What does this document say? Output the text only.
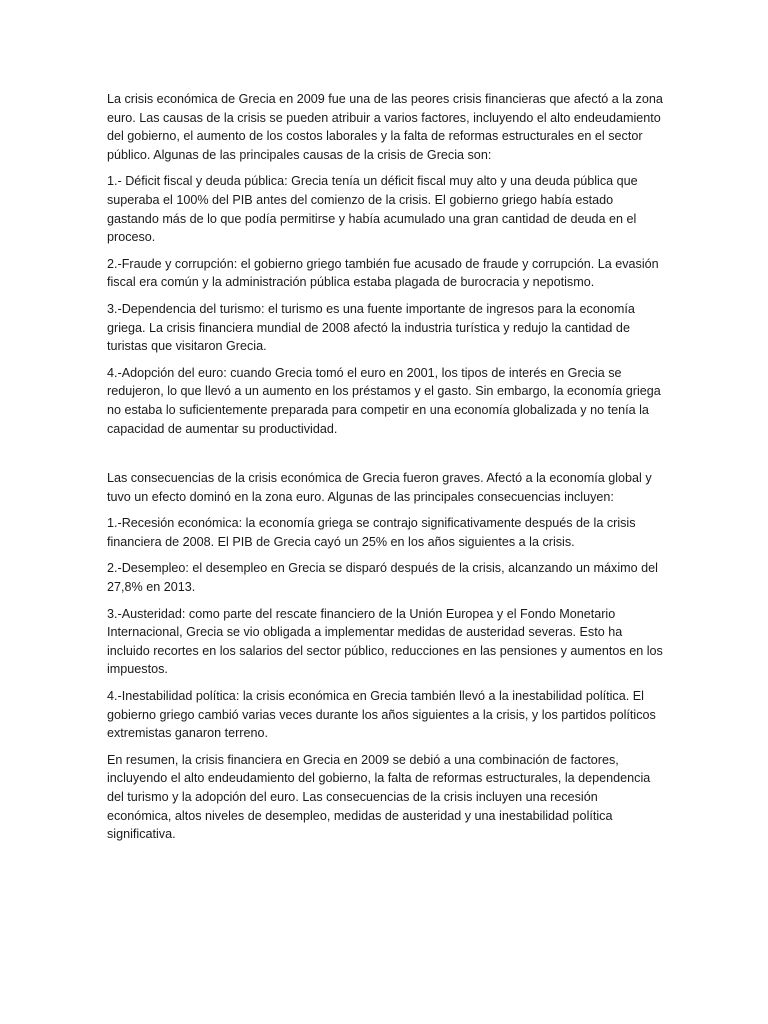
La crisis económica de Grecia en 2009 fue una de las peores crisis financieras que afectó a la zona euro. Las causas de la crisis se pueden atribuir a varios factores, incluyendo el alto endeudamiento del gobierno, el aumento de los costos laborales y la falta de reformas estructurales en el sector público. Algunas de las principales causas de la crisis de Grecia son:

1.- Déficit fiscal y deuda pública: Grecia tenía un déficit fiscal muy alto y una deuda pública que superaba el 100% del PIB antes del comienzo de la crisis. El gobierno griego había estado gastando más de lo que podía permitirse y había acumulado una gran cantidad de deuda en el proceso.

2.-Fraude y corrupción: el gobierno griego también fue acusado de fraude y corrupción. La evasión fiscal era común y la administración pública estaba plagada de burocracia y nepotismo.

3.-Dependencia del turismo: el turismo es una fuente importante de ingresos para la economía griega. La crisis financiera mundial de 2008 afectó la industria turística y redujo la cantidad de turistas que visitaron Grecia.

4.-Adopción del euro: cuando Grecia tomó el euro en 2001, los tipos de interés en Grecia se redujeron, lo que llevó a un aumento en los préstamos y el gasto. Sin embargo, la economía griega no estaba lo suficientemente preparada para competir en una economía globalizada y no tenía la capacidad de aumentar su productividad.

Las consecuencias de la crisis económica de Grecia fueron graves. Afectó a la economía global y tuvo un efecto dominó en la zona euro. Algunas de las principales consecuencias incluyen:

1.-Recesión económica: la economía griega se contrajo significativamente después de la crisis financiera de 2008. El PIB de Grecia cayó un 25% en los años siguientes a la crisis.

2.-Desempleo: el desempleo en Grecia se disparó después de la crisis, alcanzando un máximo del 27,8% en 2013.

3.-Austeridad: como parte del rescate financiero de la Unión Europea y el Fondo Monetario Internacional, Grecia se vio obligada a implementar medidas de austeridad severas. Esto ha incluido recortes en los salarios del sector público, reducciones en las pensiones y aumentos en los impuestos.

4.-Inestabilidad política: la crisis económica en Grecia también llevó a la inestabilidad política. El gobierno griego cambió varias veces durante los años siguientes a la crisis, y los partidos políticos extremistas ganaron terreno.

En resumen, la crisis financiera en Grecia en 2009 se debió a una combinación de factores, incluyendo el alto endeudamiento del gobierno, la falta de reformas estructurales, la dependencia del turismo y la adopción del euro. Las consecuencias de la crisis incluyen una recesión económica, altos niveles de desempleo, medidas de austeridad y una inestabilidad política significativa.
